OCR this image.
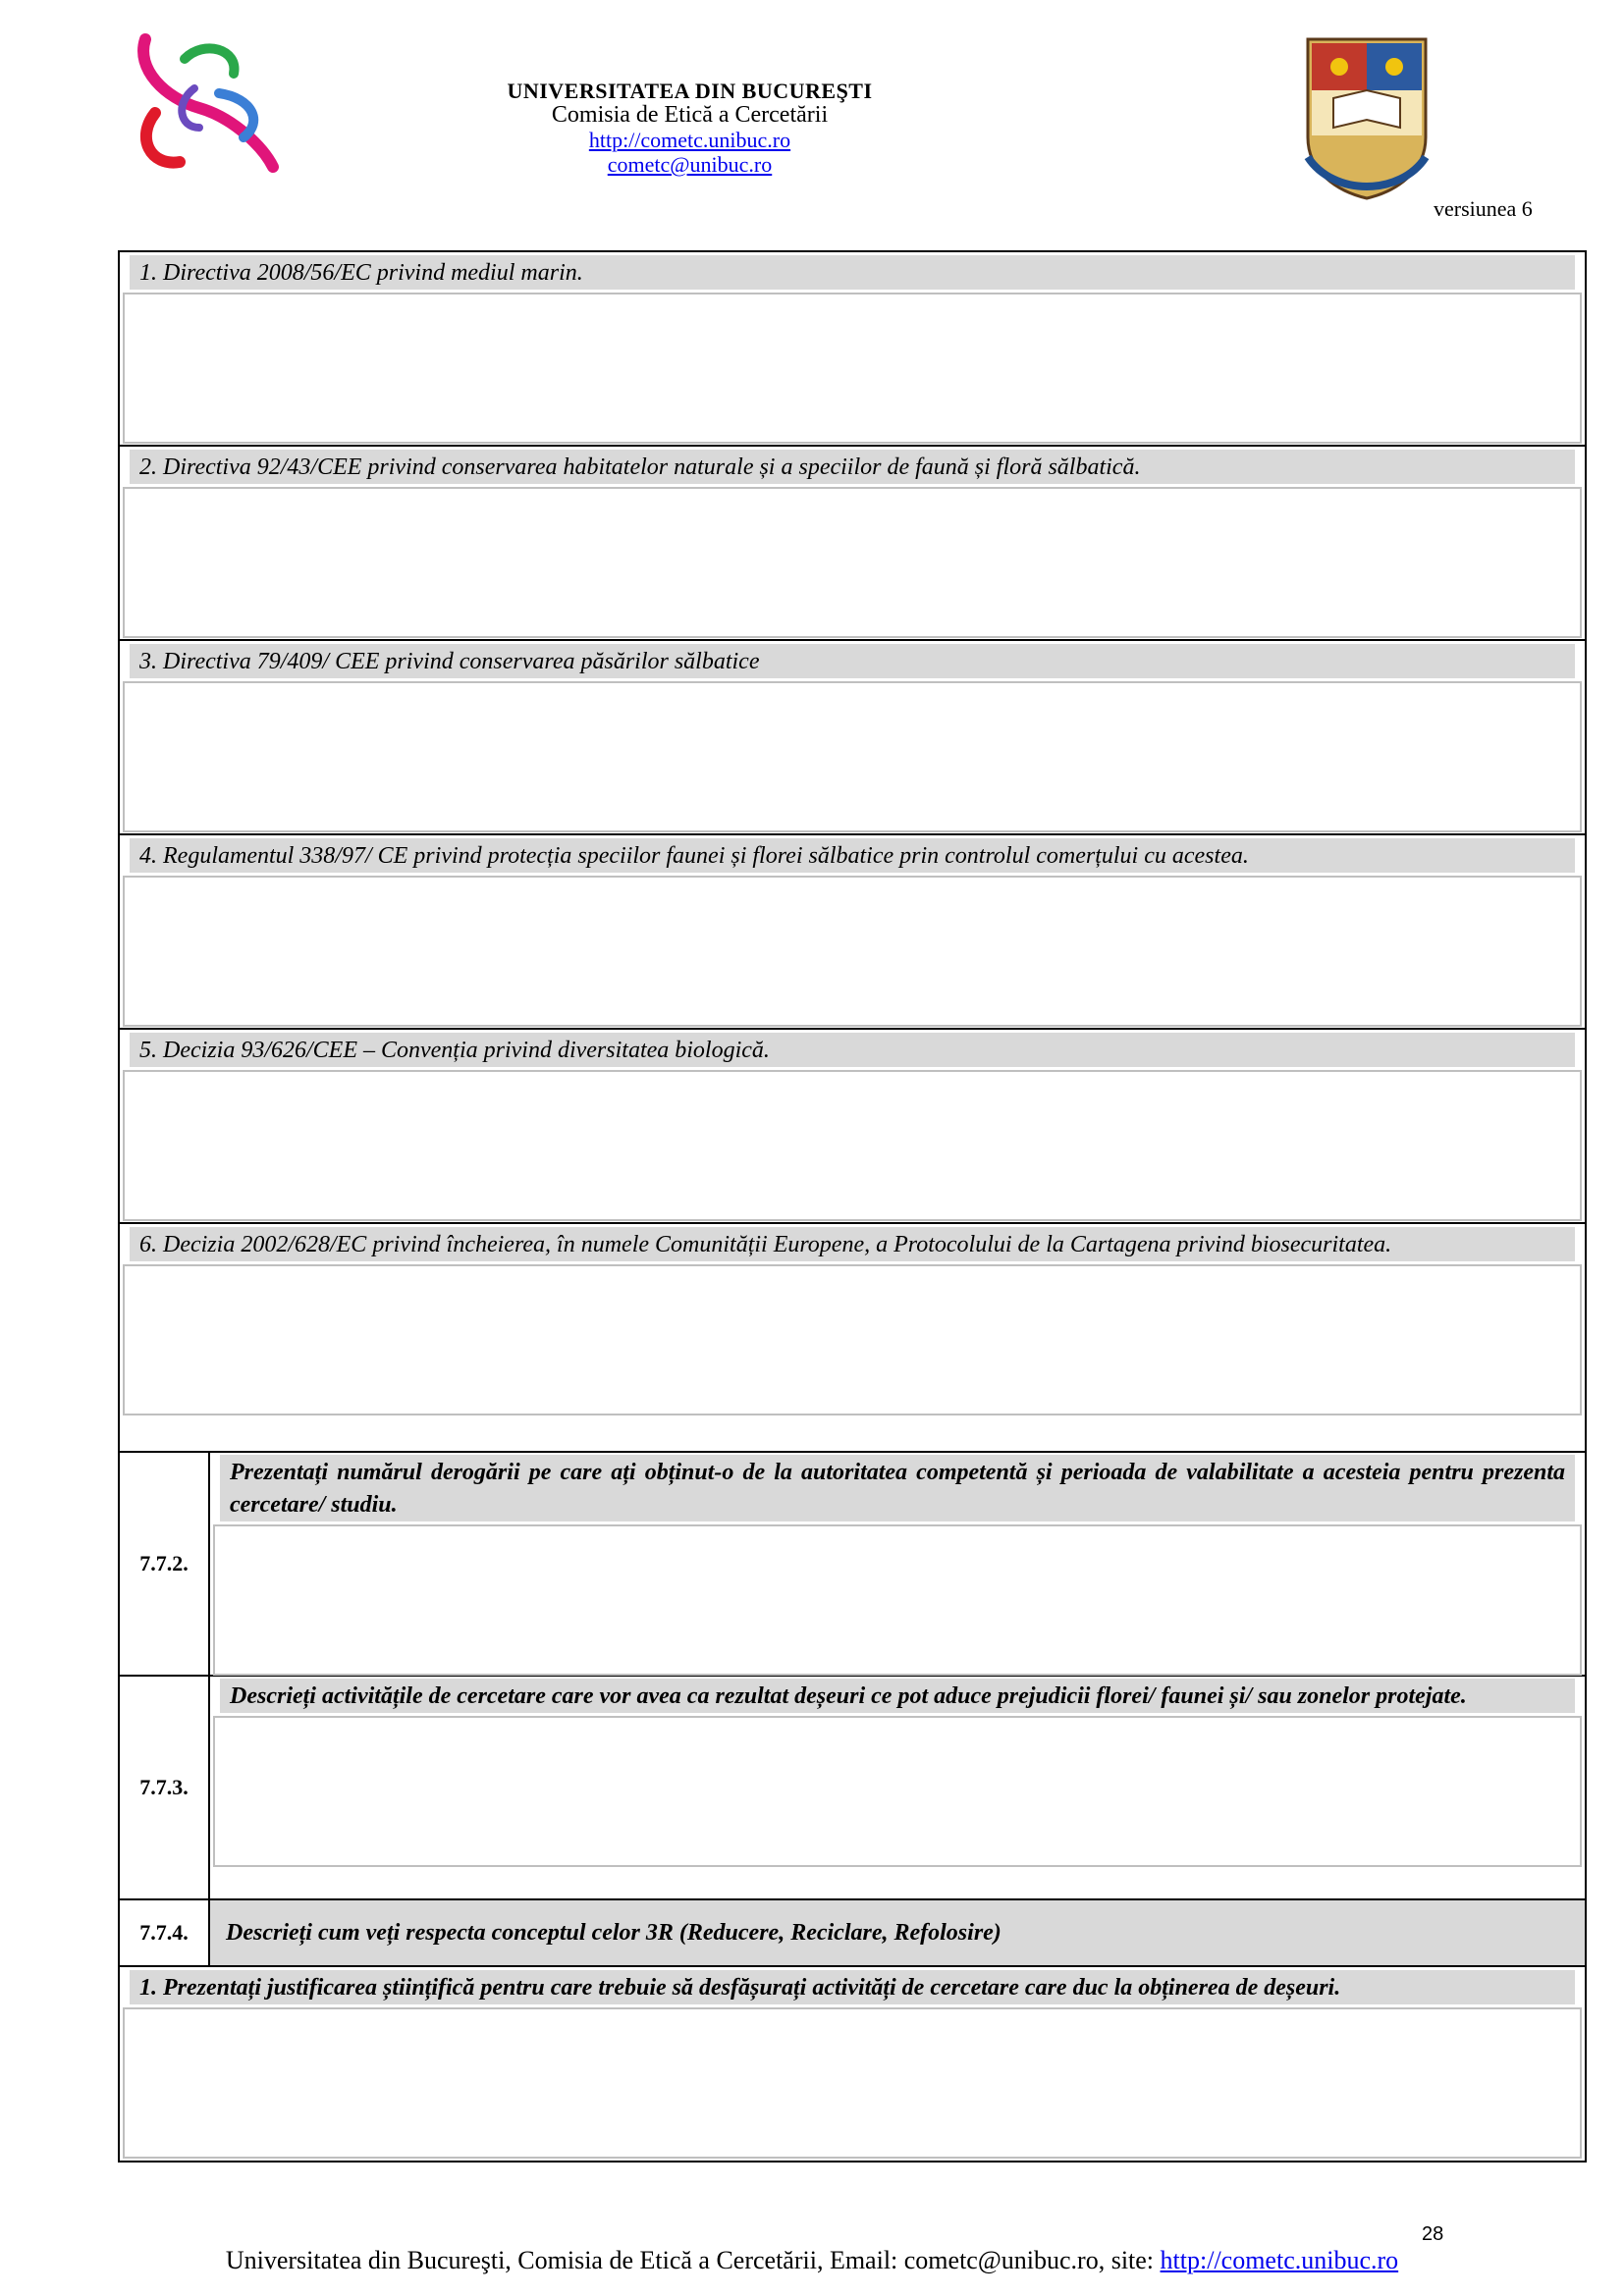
UNIVERSITATEA DIN BUCUREŞTI
Comisia de Etică a Cercetării
http://cometc.unibuc.ro
cometc@unibuc.ro
versiunea 6
1. Directiva 2008/56/EC privind mediul marin.
2. Directiva 92/43/CEE privind conservarea habitatelor naturale și a speciilor de faună și floră sălbatică.
3. Directiva 79/409/ CEE privind conservarea păsărilor sălbatice
4. Regulamentul 338/97/ CE privind protecția speciilor faunei și florei sălbatice prin controlul comerțului cu acestea.
5. Decizia 93/626/CEE – Convenția privind diversitatea biologică.
6. Decizia 2002/628/EC privind încheierea, în numele Comunității Europene, a Protocolului de la Cartagena privind biosecuritatea.
7.7.2.
Prezentați numărul derogării pe care ați obținut-o de la autoritatea competentă și perioada de valabilitate a acesteia pentru prezenta cercetare/ studiu.
7.7.3.
Descrieți activitățile de cercetare care vor avea ca rezultat deșeuri ce pot aduce prejudicii florei/ faunei și/ sau zonelor protejate.
7.7.4.	Descrieți cum veți respecta conceptul celor 3R (Reducere, Reciclare, Refolosire)
1. Prezentați justificarea științifică pentru care trebuie să desfășurați activități de cercetare care duc la obținerea de deșeuri.
28
Universitatea din Bucureşti, Comisia de Etică a Cercetării, Email: cometc@unibuc.ro, site: http://cometc.unibuc.ro
